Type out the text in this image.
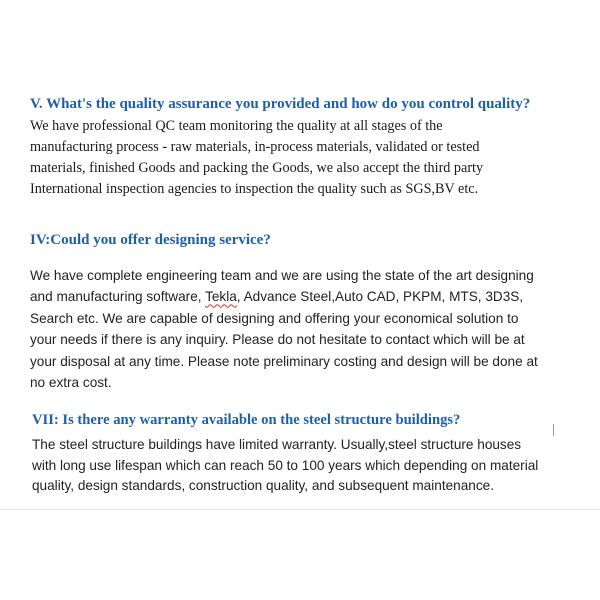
V. What's the quality assurance you provided and how do you control quality?

We have professional QC team monitoring the quality at all stages of the
manufacturing process - raw materials, in-process materials, validated or tested
materials, finished Goods and packing the Goods, we also accept the third party
International inspection agencies to inspection the quality such as SGS,BV etc.

IV:Could you offer designing service?

We have complete engineering team and we are using the state of the art designing
and manufacturing software, Tekla, Advance Steel,Auto CAD, PKPM, MTS, 3D3S,
Search etc. We are capable of designing and offering your economical solution to
your needs if there is any inquiry. Please do not hesitate to contact which will be at
your disposal at any time. Please note preliminary costing and design will be done at
no extra cost.

VII: Is there any warranty available on the steel structure buildings?

The steel structure buildings have limited warranty. Usually,steel structure houses
with long use lifespan which can reach 50 to 100 years which depending on material
quality, design standards, construction quality, and subsequent maintenance.
